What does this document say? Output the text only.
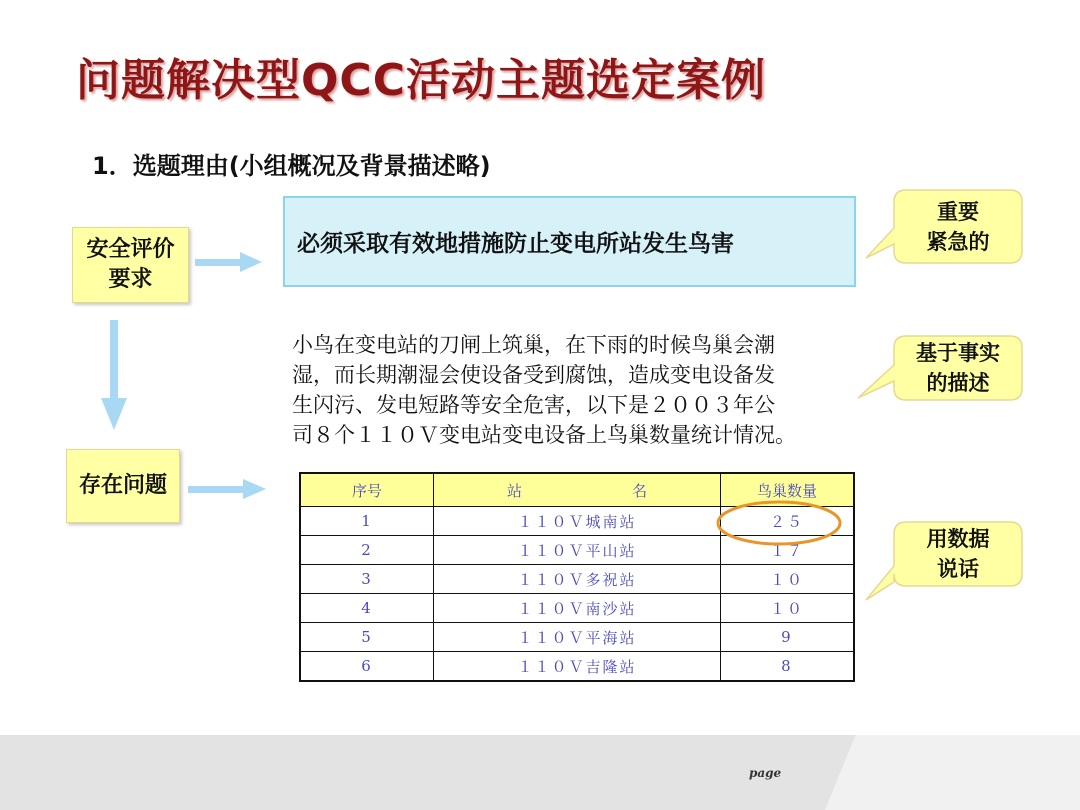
问题解决型QCC活动主题选定案例
1．选题理由(小组概况及背景描述略)
安全评价
要求
存在问题
必须采取有效地措施防止变电所站发生鸟害
小鸟在变电站的刀闸上筑巢，在下雨的时候鸟巢会潮
湿，而长期潮湿会使设备受到腐蚀，造成变电设备发
生闪污、发电短路等安全危害，以下是２００３年公
司８个１１０Ｖ变电站变电设备上鸟巢数量统计情况。
重要
紧急的
基于事实
的描述
用数据
说话
序号	站名	鸟巢数量
1	１１０Ｖ城南站	２５
2	１１０Ｖ平山站	１７
3	１１０Ｖ多祝站	１０
4	１１０Ｖ南沙站	１０
5	１１０Ｖ平海站	9
6	１１０Ｖ吉隆站	8
page
